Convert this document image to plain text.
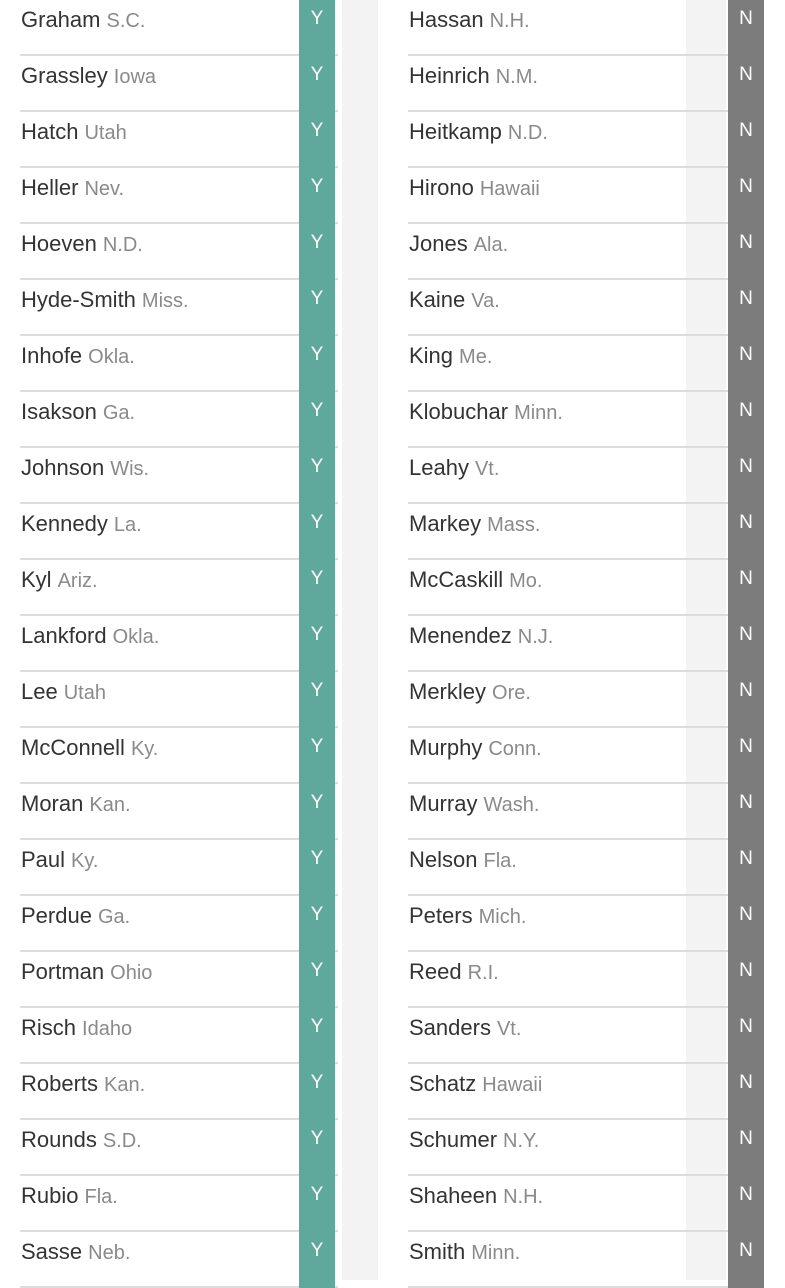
Graham S.C.	Y
Grassley Iowa	Y
Hatch Utah	Y
Heller Nev.	Y
Hoeven N.D.	Y
Hyde-Smith Miss.	Y
Inhofe Okla.	Y
Isakson Ga.	Y
Johnson Wis.	Y
Kennedy La.	Y
Kyl Ariz.	Y
Lankford Okla.	Y
Lee Utah	Y
McConnell Ky.	Y
Moran Kan.	Y
Paul Ky.	Y
Perdue Ga.	Y
Portman Ohio	Y
Risch Idaho	Y
Roberts Kan.	Y
Rounds S.D.	Y
Rubio Fla.	Y
Sasse Neb.	Y
Hassan N.H.	N
Heinrich N.M.	N
Heitkamp N.D.	N
Hirono Hawaii	N
Jones Ala.	N
Kaine Va.	N
King Me.	N
Klobuchar Minn.	N
Leahy Vt.	N
Markey Mass.	N
McCaskill Mo.	N
Menendez N.J.	N
Merkley Ore.	N
Murphy Conn.	N
Murray Wash.	N
Nelson Fla.	N
Peters Mich.	N
Reed R.I.	N
Sanders Vt.	N
Schatz Hawaii	N
Schumer N.Y.	N
Shaheen N.H.	N
Smith Minn.	N
